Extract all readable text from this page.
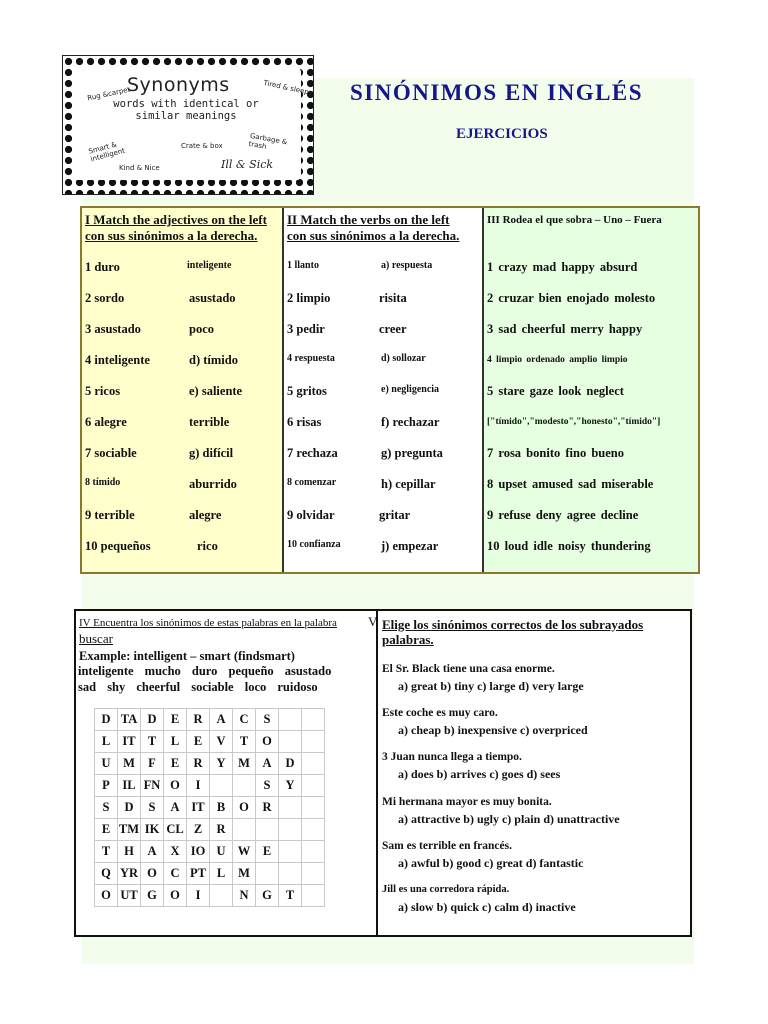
Rug &carpet
Synonyms	Tired & sleepy
words with identical or similar meanings
Smart & intelligent
Crate & box	Garbage & trash
Kind & Nice	Ill & Sick
SINÓNIMOS EN INGLÉS
EJERCICIOS
I Match the adjectives on the left
con sus sinónimos a la derecha.
1 duro	inteligente
2 sordo	asustado
3 asustado	poco
4 inteligente	d) tímido
5 ricos	e) saliente
6 alegre	terrible
7 sociable	g) difícil
8 tímido	aburrido
9 terrible	alegre
10 pequeños	rico
II Match the verbs on the left
con sus sinónimos a la derecha.
1 llanto	a) respuesta
2 limpio	risita
3 pedir	creer
4 respuesta	d) sollozar
5 gritos	e) negligencia
6 risas	f) rechazar
7 rechaza	g) pregunta
8 comenzar	h) cepillar
9 olvidar	gritar
10 confianza	j) empezar
III Rodea el que sobra – Uno – Fuera
1 crazy mad happy absurd
2 cruzar bien enojado molesto
3 sad cheerful merry happy
4 limpio ordenado amplio limpio
5 stare gaze look neglect
["tímido","modesto","honesto","tímido"]
7 rosa bonito fino bueno
8 upset amused sad miserable
9 refuse deny agree decline
10 loud idle noisy thundering
IV Encuentra los sinónimos de estas palabras en la palabra
buscar
Example: intelligent – smart (findsmart)
inteligente mucho duro pequeño asustado
sad shy cheerful sociable loco ruidoso
D	TA	D	E	R	A	C	S		
L	IT	T	L	E	V	T	O		
U	M	F	E	R	Y	M	A	D	
P	IL	FN	O	I			S	Y	
S	D	S	A	IT	B	O	R		
E	TM	IK	CL	Z	R				
T	H	A	X	IO	U	W	E		
Q	YR	O	C	PT	L	M			
O	UT	G	O	I		N	G	T	
V Elige los sinónimos correctos de los subrayados
palabras.
El Sr. Black tiene una casa enorme.
a) great b) tiny c) large d) very large
Este coche es muy caro.
a) cheap b) inexpensive c) overpriced
3 Juan nunca llega a tiempo.
a) does b) arrives c) goes d) sees
Mi hermana mayor es muy bonita.
a) attractive b) ugly c) plain d) unattractive
Sam es terrible en francés.
a) awful b) good c) great d) fantastic
Jill es una corredora rápida.
a) slow b) quick c) calm d) inactive
